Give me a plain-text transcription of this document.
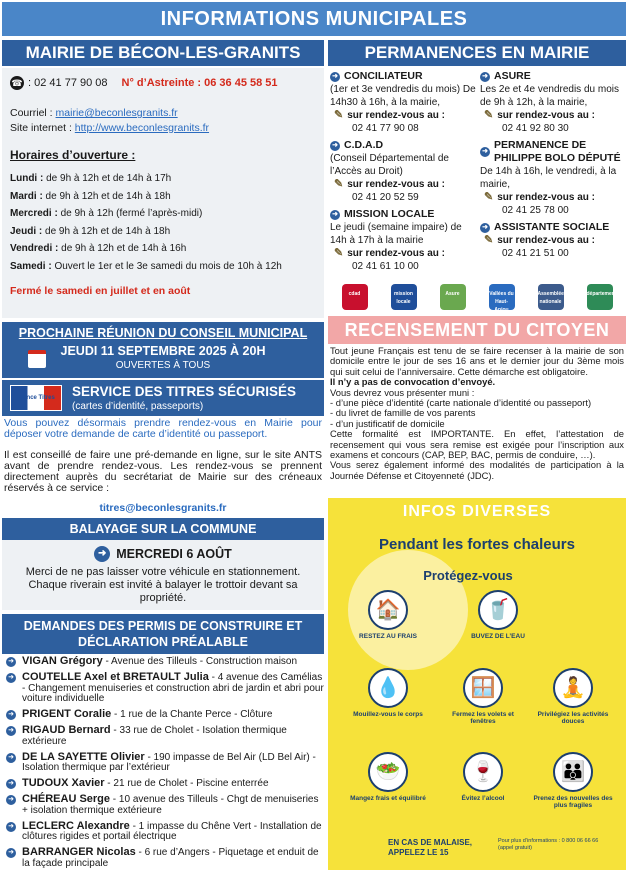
INFORMATIONS MUNICIPALES
MAIRIE DE BÉCON-LES-GRANITS
☎ : 02 41 77 90 08 N° d’Astreinte : 06 36 45 58 51
Courriel : mairie@beconlesgranits.fr
Site internet : http://www.beconlesgranits.fr
Horaires d’ouverture :
Lundi : de 9h à 12h et de 14h à 17h
Mardi : de 9h à 12h et de 14h à 18h
Mercredi : de 9h à 12h (fermé l’après-midi)
Jeudi : de 9h à 12h et de 14h à 18h
Vendredi : de 9h à 12h et de 14h à 16h
Samedi : Ouvert le 1er et le 3e samedi du mois de 10h à 12h
Fermé le samedi en juillet et en août
PERMANENCES EN MAIRIE
➜ CONCILIATEUR
(1er et 3e vendredis du mois) De 14h30 à 16h, à la mairie,
✎ sur rendez-vous au :
02 41 77 90 08
➜ C.D.A.D
(Conseil Départemental de l’Accès au Droit)
✎ sur rendez-vous au :
02 41 20 52 59
➜ MISSION LOCALE
Le jeudi (semaine impaire) de 14h à 17h à la mairie
✎ sur rendez-vous au :
02 41 61 10 00
➜ ASURE
Les 2e et 4e vendredis du mois de 9h à 12h, à la mairie,
✎ sur rendez-vous au :
02 41 92 80 30
➜
PERMANENCE DE PHILIPPE BOLO DÉPUTÉ
De 14h à 16h, le vendredi, à la mairie,
✎ sur rendez-vous au :
02 41 25 78 00
➜ ASSISTANTE SOCIALE
✎ sur rendez-vous au :
02 41 21 51 00
cdad	mission locale
Asure	Vallées du Haut-Anjou
Assemblée nationale
département
PROCHAINE RÉUNION DU CONSEIL MUNICIPAL
JEUDI 11 SEPTEMBRE 2025 À 20H
OUVERTES À TOUS
France Titres	SERVICE DES TITRES SÉCURISÉS
(cartes d’identité, passeports)

Vous pouvez désormais prendre rendez-vous en Mairie pour déposer votre demande de carte d’identité ou passeport.

Il est conseillé de faire une pré-demande en ligne, sur le site ANTS avant de prendre rendez-vous. Les rendez-vous se prennent directement auprès du secrétariat de Mairie sur des créneaux réservés à ce service :

titres@beconlesgranits.fr
BALAYAGE SUR LA COMMUNE
➜ MERCREDI 6 AOÛT
Merci de ne pas laisser votre véhicule en stationnement. Chaque riverain est invité à balayer le trottoir devant sa propriété.
DEMANDES DES PERMIS DE CONSTRUIRE ET DÉCLARATION PRÉALABLE
➜ VIGAN Grégory - Avenue des Tilleuls - Construction maison
➜ COUTELLE Axel et BRETAULT Julia - 4 avenue des Camélias - Changement menuiseries et construction abri de jardin et abri pour voiture individuelle
➜ PRIGENT Coralie - 1 rue de la Chante Perce - Clôture
➜ RIGAUD Bernard - 33 rue de Cholet - Isolation thermique extérieure
➜ DE LA SAYETTE Olivier - 190 impasse de Bel Air (LD Bel Air) - Isolation thermique par l’extérieur
➜ TUDOUX Xavier - 21 rue de Cholet - Piscine enterrée
➜ CHÉREAU Serge - 10 avenue des Tilleuls - Chgt de menuiseries + isolation thermique extérieure
➜ LECLERC Alexandre - 1 impasse du Chêne Vert - Installation de clôtures rigides et portail électrique
➜ BARRANGER Nicolas - 6 rue d’Angers - Piquetage et enduit de la façade principale
RECENSEMENT DU CITOYEN

Tout jeune Français est tenu de se faire recenser à la mairie de son domicile entre le jour de ses 16 ans et le dernier jour du 3ème mois qui suit celui de l’anniversaire. Cette démarche est obligatoire.

Il n’y a pas de convocation d’envoyé.

Vous devrez vous présenter muni :

- d’une pièce d’identité (carte nationale d’identité ou passeport)
- du livret de famille de vos parents
- d’un justificatif de domicile

Cette formalité est IMPORTANTE. En effet, l’attestation de recensement qui vous sera remise est exigée pour l’inscription aux examens et concours (CAP, BEP, BAC, permis de conduire, …).

Vous serez également informé des modalités de participation à la Journée Défense et Citoyenneté (JDC).

INFOS DIVERSES
Pendant les fortes chaleurs
Protégez-vous
🏠
RESTEZ AU FRAIS
🥤
BUVEZ DE L’EAU
💧
Mouillez-vous le corps
🪟
Fermez les volets et fenêtres
🧘
Privilégiez les activités douces
🥗
Mangez frais et équilibré
🍷
Évitez l’alcool
👪
Prenez des nouvelles des plus fragiles
EN CAS DE MALAISE, APPELEZ LE 15
Pour plus d’informations : 0 800 06 66 66 (appel gratuit)
